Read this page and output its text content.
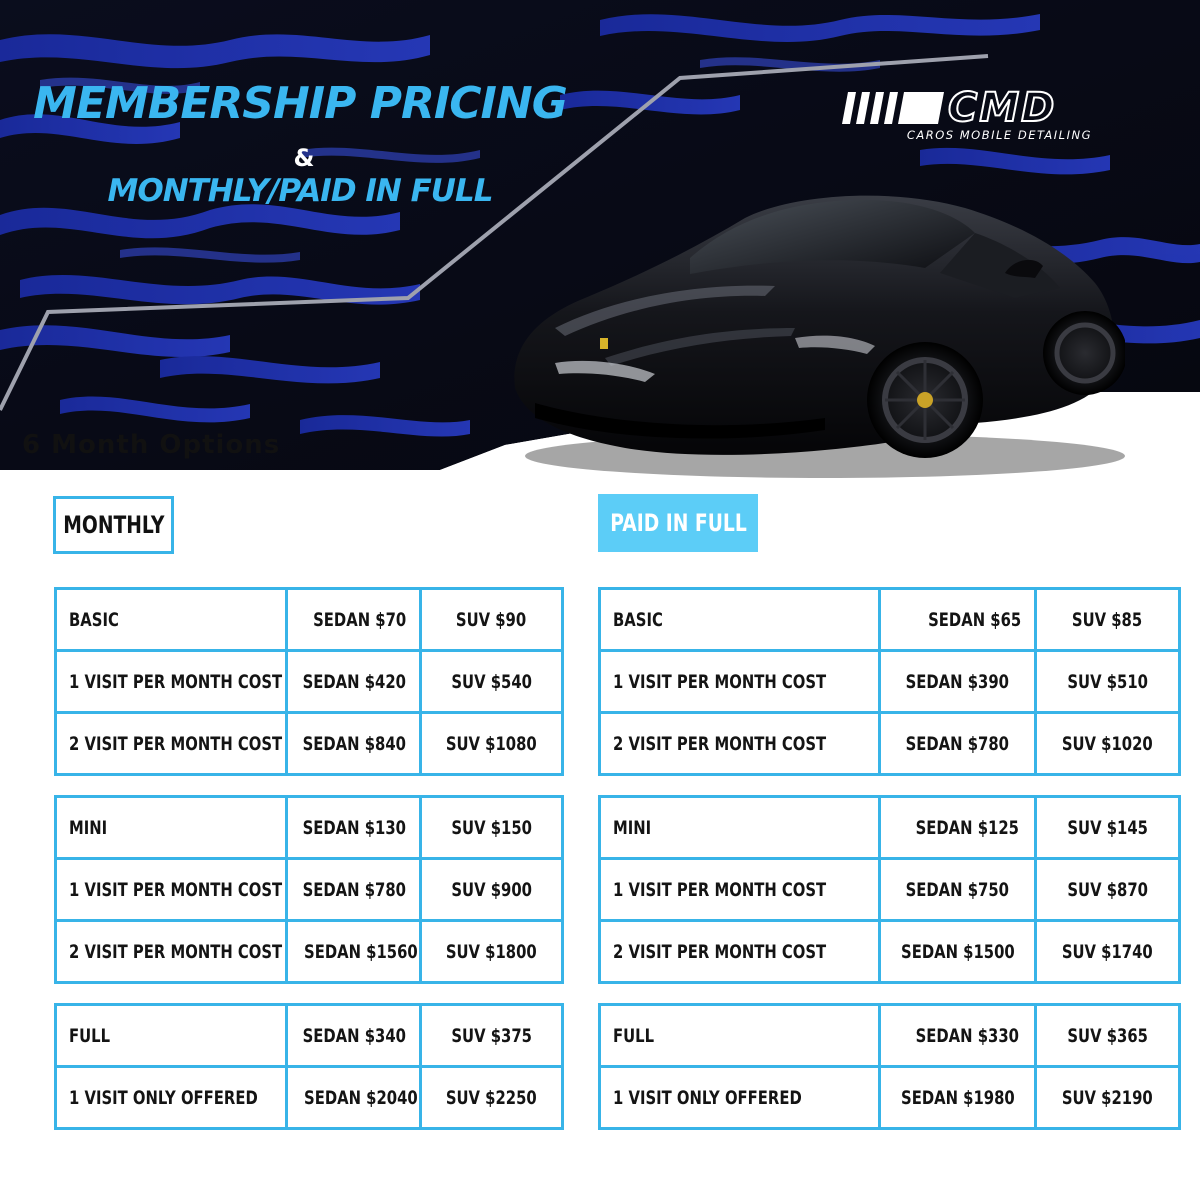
MEMBERSHIP PRICING
&
MONTHLY/PAID IN FULL
CMD
CAROS MOBILE DETAILING
6 Month Options
MONTHLY	PAID IN FULL
BASIC	SEDAN $70	SUV $90
1 VISIT PER MONTH COST	SEDAN $420	SUV $540
2 VISIT PER MONTH COST	SEDAN $840	SUV $1080
MINI	SEDAN $130	SUV $150
1 VISIT PER MONTH COST	SEDAN $780	SUV $900
2 VISIT PER MONTH COST	SEDAN $1560	SUV $1800
FULL	SEDAN $340	SUV $375
1 VISIT ONLY OFFERED	SEDAN $2040	SUV $2250
BASIC	SEDAN $65	SUV $85
1 VISIT PER MONTH COST	SEDAN $390	SUV $510
2 VISIT PER MONTH COST	SEDAN $780	SUV $1020
MINI	SEDAN $125	SUV $145
1 VISIT PER MONTH COST	SEDAN $750	SUV $870
2 VISIT PER MONTH COST	SEDAN $1500	SUV $1740
FULL	SEDAN $330	SUV $365
1 VISIT ONLY OFFERED	SEDAN $1980	SUV $2190
